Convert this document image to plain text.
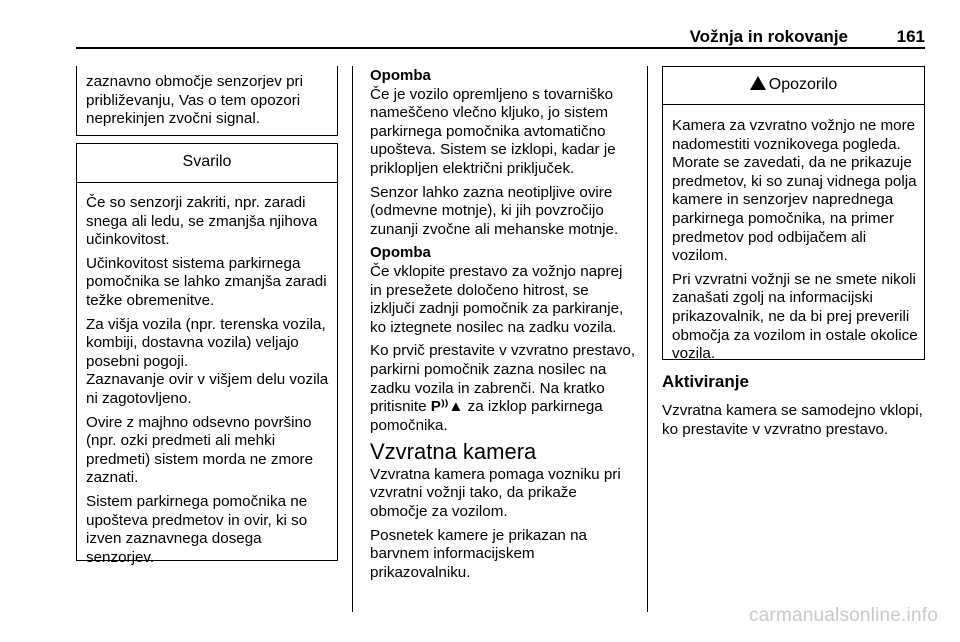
Vožnja in rokovanje	161
zaznavno območje senzorjev pri približevanju, Vas o tem opozori neprekinjen zvočni signal.
Svarilo

Če so senzorji zakriti, npr. zaradi snega ali ledu, se zmanjša njihova učinkovitost.

Učinkovitost sistema parkirnega pomočnika se lahko zmanjša zaradi težke obremenitve.

Za višja vozila (npr. terenska vozila, kombiji, dostavna vozila) veljajo posebni pogoji.

Zaznavanje ovir v višjem delu vozila ni zagotovljeno.

Ovire z majhno odsevno površino (npr. ozki predmeti ali mehki predmeti) sistem morda ne zmore zaznati.

Sistem parkirnega pomočnika ne upošteva predmetov in ovir, ki so izven zaznavnega dosega senzorjev.

Opomba

Če je vozilo opremljeno s tovarniško nameščeno vlečno kljuko, jo sistem parkirnega pomočnika avtomatično upošteva. Sistem se izklopi, kadar je priklopljen električni priključek.

Senzor lahko zazna neotipljive ovire (odmevne motnje), ki jih povzročijo zunanji zvočne ali mehanske motnje.

Opomba

Če vklopite prestavo za vožnjo naprej in presežete določeno hitrost, se izključi zadnji pomočnik za parkiranje, ko iztegnete nosilec na zadku vozila.

Ko prvič prestavite v vzvratno prestavo, parkirni pomočnik zazna nosilec na zadku vozila in zabrenči. Na kratko pritisnite P⁾⁾▲ za izklop parkirnega pomočnika.

Vzvratna kamera

Vzvratna kamera pomaga vozniku pri vzvratni vožnji tako, da prikaže območje za vozilom.

Posnetek kamere je prikazan na barvnem informacijskem prikazovalniku.

!Opozorilo

Kamera za vzvratno vožnjo ne more nadomestiti voznikovega pogleda. Morate se zavedati, da ne prikazuje predmetov, ki so zunaj vidnega polja kamere in senzorjev naprednega parkirnega pomočnika, na primer predmetov pod odbijačem ali vozilom.

Pri vzvratni vožnji se ne smete nikoli zanašati zgolj na informacijski prikazovalnik, ne da bi prej preverili območja za vozilom in ostale okolice vozila.

Aktiviranje
Vzvratna kamera se samodejno vklopi, ko prestavite v vzvratno prestavo.
carmanualsonline.info
